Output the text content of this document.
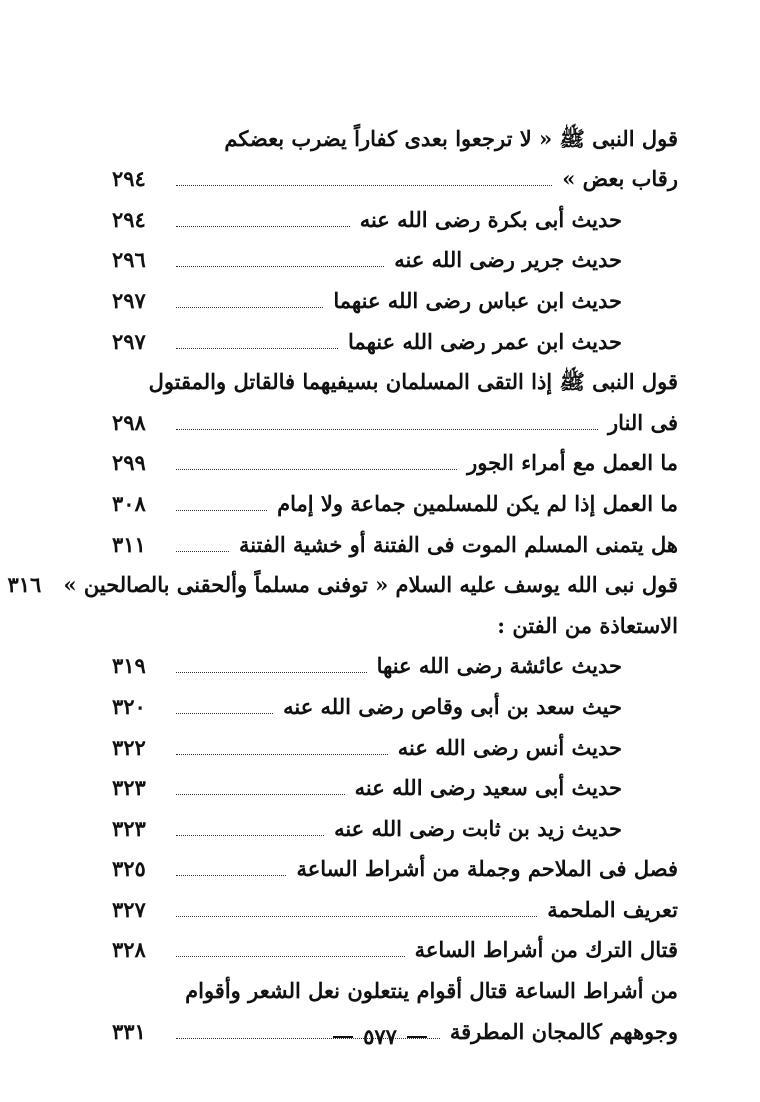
قول النبى ﷺ « لا ترجعوا بعدى كفاراً يضرب بعضكم
رقاب بعض »
٢٩٤
حديث أبى بكرة رضى الله عنه
٢٩٤
حديث جرير رضى الله عنه
٢٩٦
حديث ابن عباس رضى الله عنهما
٢٩٧
حديث ابن عمر رضى الله عنهما
٢٩٧
قول النبى ﷺ إذا التقى المسلمان بسيفيهما فالقاتل والمقتول
فى النار
٢٩٨
ما العمل مع أمراء الجور
٢٩٩
ما العمل إذا لم يكن للمسلمين جماعة ولا إمام
٣٠٨
هل يتمنى المسلم الموت فى الفتنة أو خشية الفتنة
٣١١
قول نبى الله يوسف عليه السلام « توفنى مسلماً وألحقنى بالصالحين »
٣١٦
الاستعاذة من الفتن :
حديث عائشة رضى الله عنها
٣١٩
حيث سعد بن أبى وقاص رضى الله عنه
٣٢٠
حديث أنس رضى الله عنه
٣٢٢
حديث أبى سعيد رضى الله عنه
٣٢٣
حديث زيد بن ثابت رضى الله عنه
٣٢٣
فصل فى الملاحم وجملة من أشراط الساعة
٣٢٥
تعريف الملحمة
٣٢٧
قتال الترك من أشراط الساعة
٣٢٨
من أشراط الساعة قتال أقوام ينتعلون نعل الشعر وأقوام
وجوههم كالمجان المطرقة
٣٣١	٥٧٧
